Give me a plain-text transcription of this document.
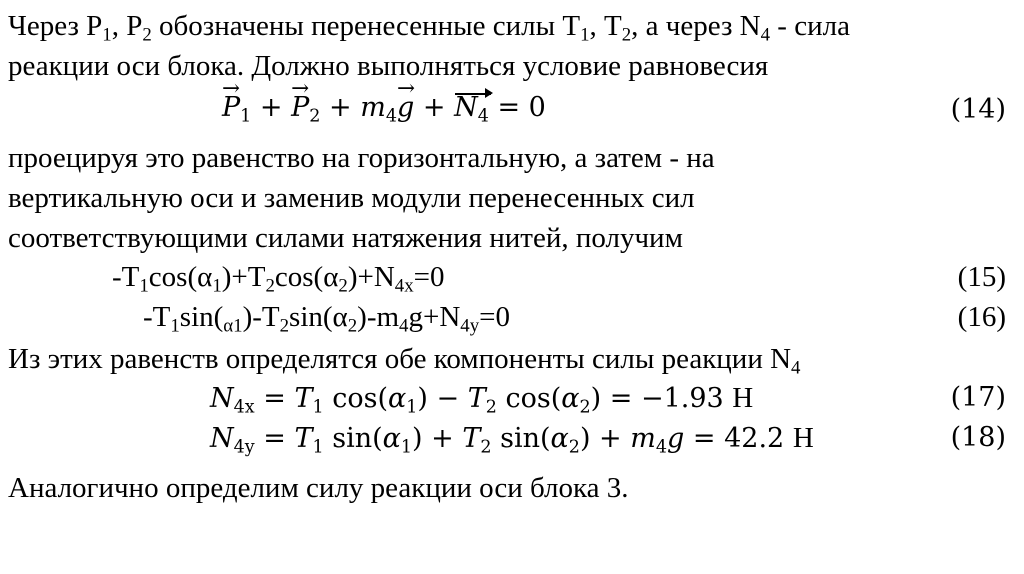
Через $Р_1$, $Р_2$ обозначены перенесенные силы $Т_1$, $Т_2$, а через $N_4$ - сила
реакции оси блока. Должно выполняться условие равновесия
→ $P_1$ + → $P_2 + m_4\to g + N_4 = 0$	(14)
проецируя это равенство на горизонтальную, а затем - на
вертикальную оси и заменив модули перенесенных сил
соответствующими силами натяжения нитей, получим
$-Т_1\cos(\alpha_1)+Т_2\cos(\alpha_2)+N_{4x}=0$	(15)
$-Т_1\sin(_{\alpha 1})-Т_2\sin(\alpha_2)-m_4g+N_{4y}=0$	(16)
Из этих равенств определятся обе компоненты силы реакции $N_4$
$N_{4x} = T_1$ $\cos(\alpha_1) - T_2$ $\cos(\alpha_2) = -1.93$ Н	(17)
$N_{4y} = T_1$ $\sin(\alpha_1) + T_2$ $\sin(\alpha_2) + m_4g = 42.2$ Н	(18)
Аналогично определим силу реакции оси блока 3.
